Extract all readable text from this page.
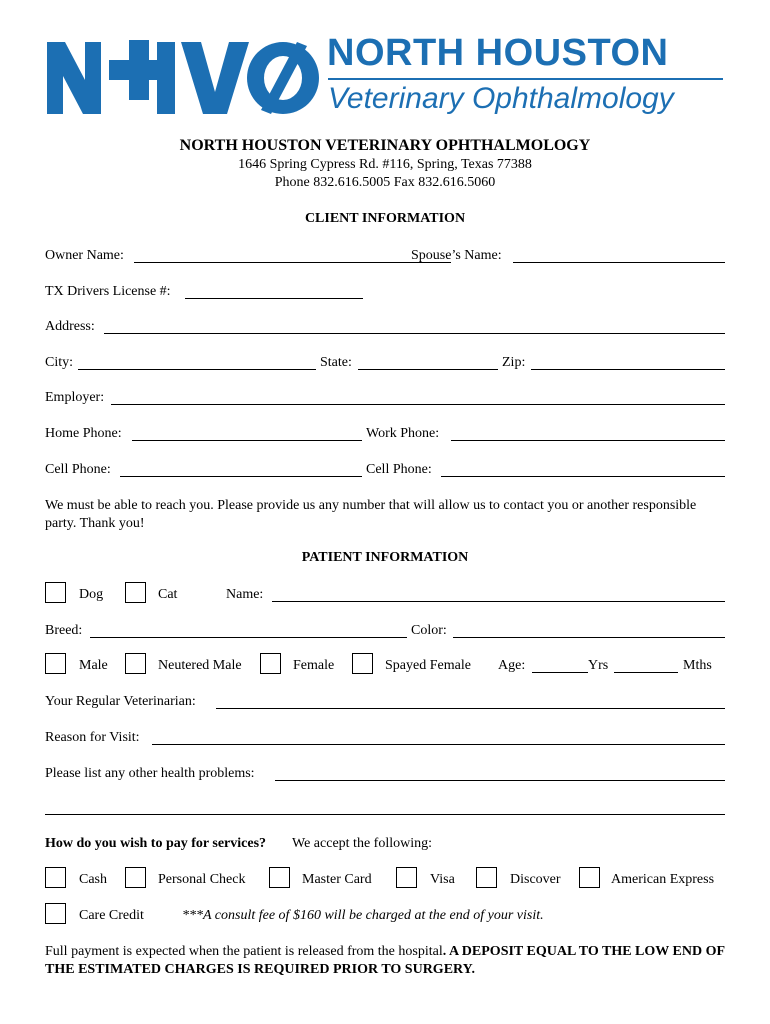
NORTH HOUSTON
Veterinary Ophthalmology
NORTH HOUSTON VETERINARY OPHTHALMOLOGY
1646 Spring Cypress Rd. #116, Spring, Texas 77388
Phone 832.616.5005 Fax 832.616.5060
CLIENT INFORMATION
Owner Name:	Spouse’s Name:
TX Drivers License #:
Address:
City:	State:	Zip:
Employer:
Home Phone:	Work Phone:
Cell Phone:	Cell Phone:
We must be able to reach you. Please provide us any number that will allow us to contact you or another responsible party. Thank you!
PATIENT INFORMATION
Dog	Cat	Name:
Breed:	Color:
Male	Neutered Male	Female	Spayed Female Age:	Yrs	Mths
Your Regular Veterinarian:
Reason for Visit:
Please list any other health problems:
How do you wish to pay for services? We accept the following:
Cash	Personal Check	Master Card	Visa	Discover	American Express
Care Credit	***A consult fee of $160 will be charged at the end of your visit.
Full payment is expected when the patient is released from the hospital. A DEPOSIT EQUAL TO THE LOW END OF THE ESTIMATED CHARGES IS REQUIRED PRIOR TO SURGERY.
